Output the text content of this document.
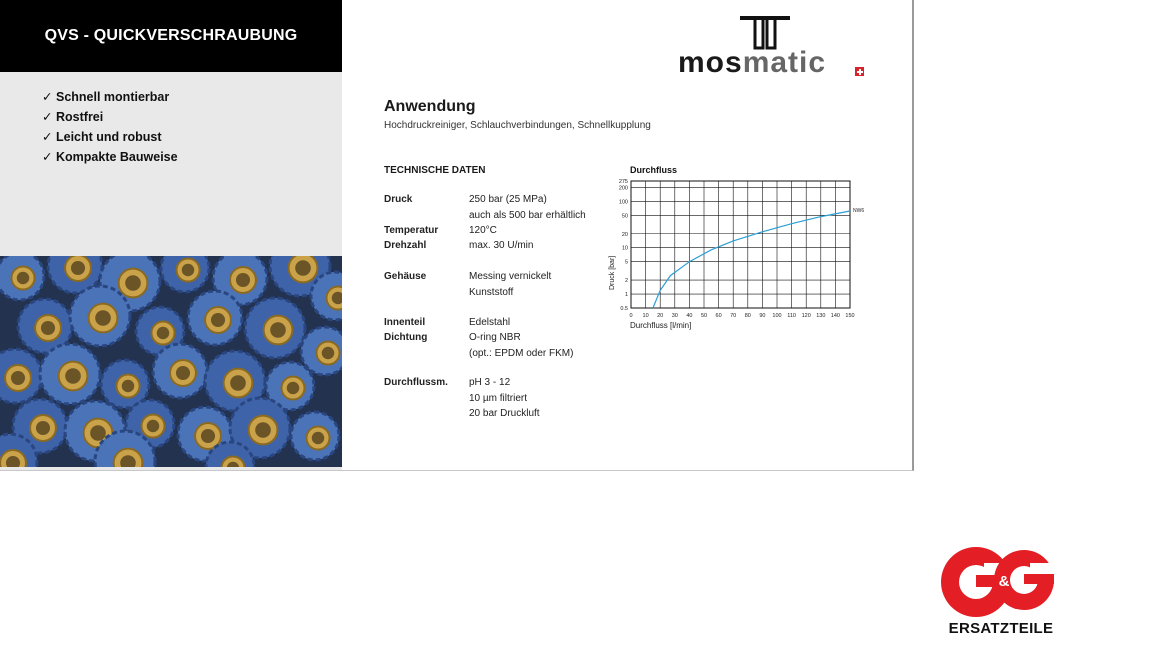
QVS - QUICKVERSCHRAUBUNG
✓ Schnell montierbar
✓ Rostfrei
✓ Leicht und robust
✓ Kompakte Bauweise
mosmatic
Anwendung
Hochdruckreiniger, Schlauchverbindungen, Schnellkupplung
TECHNISCHE DATEN
Druck	250 bar (25 MPa)
auch als 500 bar erhältlich
Temperatur	120°C
Drehzahl	max. 30 U/min
Gehäuse	Messing vernickelt
Kunststoff
Innenteil	Edelstahl
Dichtung	O-ring NBR
(opt.: EPDM oder FKM)
Durchflussm. pH 3 - 12
10 µm filtriert
20 bar Druckluft
Durchfluss
0 10 20 30 40 50 60 70 80 90 100 110 120 130 140 150
0.5
1
2
5
10
20
50
100
200
275
Durchfluss [l/min]
Druck [bar]
NW6
&
ERSATZTEILE
